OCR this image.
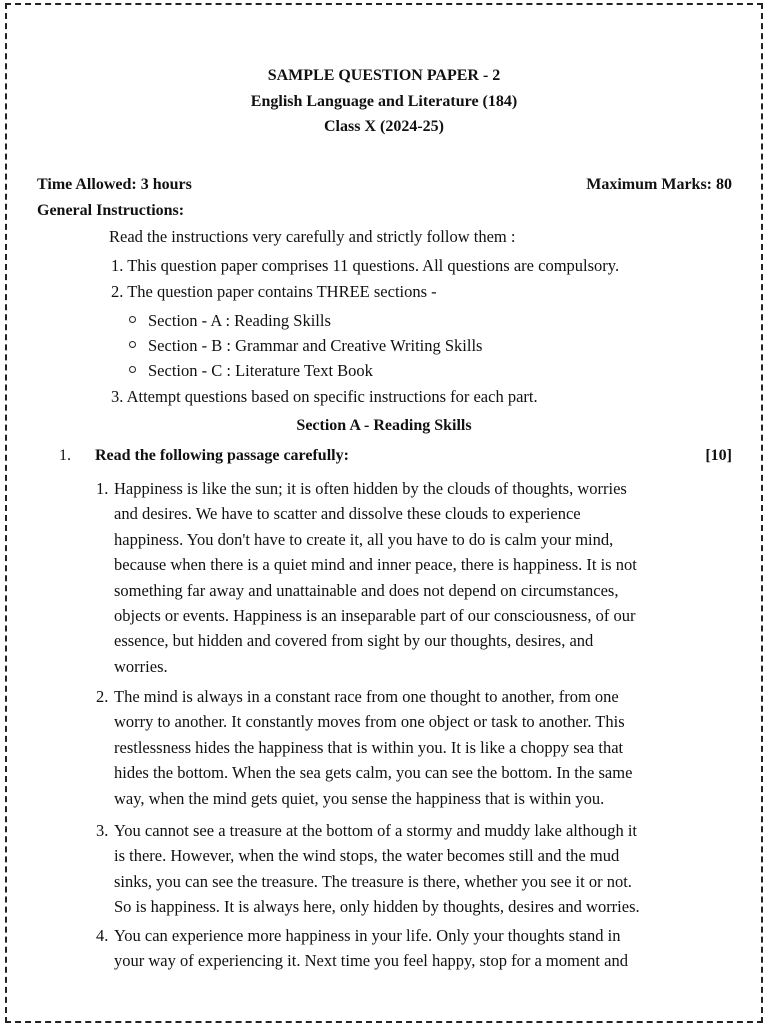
SAMPLE QUESTION PAPER - 2
English Language and Literature (184)
Class X (2024-25)
Time Allowed: 3 hours	Maximum Marks: 80
General Instructions:
Read the instructions very carefully and strictly follow them :
1. This question paper comprises 11 questions. All questions are compulsory.
2. The question paper contains THREE sections -
Section - A : Reading Skills
Section - B : Grammar and Creative Writing Skills
Section - C : Literature Text Book
3. Attempt questions based on specific instructions for each part.
Section A - Reading Skills
1. Read the following passage carefully:	[10]
1. Happiness is like the sun; it is often hidden by the clouds of thoughts, worries
and desires. We have to scatter and dissolve these clouds to experience
happiness. You don't have to create it, all you have to do is calm your mind,
because when there is a quiet mind and inner peace, there is happiness. It is not
something far away and unattainable and does not depend on circumstances,
objects or events. Happiness is an inseparable part of our consciousness, of our
essence, but hidden and covered from sight by our thoughts, desires, and
worries.
2. The mind is always in a constant race from one thought to another, from one
worry to another. It constantly moves from one object or task to another. This
restlessness hides the happiness that is within you. It is like a choppy sea that
hides the bottom. When the sea gets calm, you can see the bottom. In the same
way, when the mind gets quiet, you sense the happiness that is within you.
3. You cannot see a treasure at the bottom of a stormy and muddy lake although it
is there. However, when the wind stops, the water becomes still and the mud
sinks, you can see the treasure. The treasure is there, whether you see it or not.
So is happiness. It is always here, only hidden by thoughts, desires and worries.
4. You can experience more happiness in your life. Only your thoughts stand in
your way of experiencing it. Next time you feel happy, stop for a moment and
